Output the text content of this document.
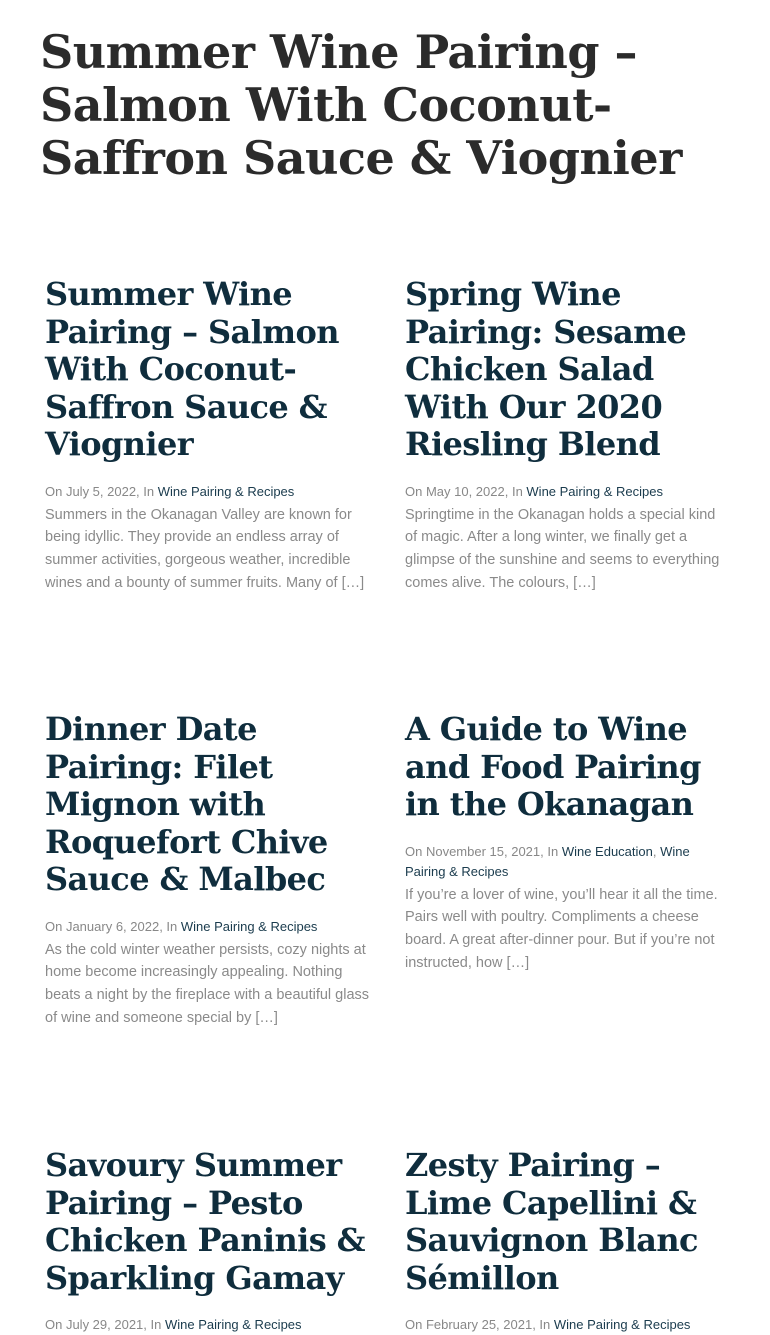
Summer Wine Pairing – Salmon With Coconut-Saffron Sauce & Viognier
Summer Wine Pairing – Salmon With Coconut-Saffron Sauce & Viognier
On July 5, 2022, In Wine Pairing & Recipes

Summers in the Okanagan Valley are known for being idyllic. They provide an endless array of summer activities, gorgeous weather, incredible wines and a bounty of summer fruits. Many of […]

Spring Wine Pairing: Sesame Chicken Salad With Our 2020 Riesling Blend
On May 10, 2022, In Wine Pairing & Recipes

Springtime in the Okanagan holds a special kind of magic. After a long winter, we finally get a glimpse of the sunshine and seems to everything comes alive. The colours, […]

Dinner Date Pairing: Filet Mignon with Roquefort Chive Sauce & Malbec
On January 6, 2022, In Wine Pairing & Recipes

As the cold winter weather persists, cozy nights at home become increasingly appealing. Nothing beats a night by the fireplace with a beautiful glass of wine and someone special by […]

A Guide to Wine and Food Pairing in the Okanagan
On November 15, 2021, In Wine Education, Wine Pairing & Recipes

If you’re a lover of wine, you’ll hear it all the time. Pairs well with poultry. Compliments a cheese board. A great after-dinner pour. But if you’re not instructed, how […]

Savoury Summer Pairing – Pesto Chicken Paninis & Sparkling Gamay
On July 29, 2021, In Wine Pairing & Recipes
Zesty Pairing – Lime Capellini & Sauvignon Blanc Sémillon
On February 25, 2021, In Wine Pairing & Recipes
